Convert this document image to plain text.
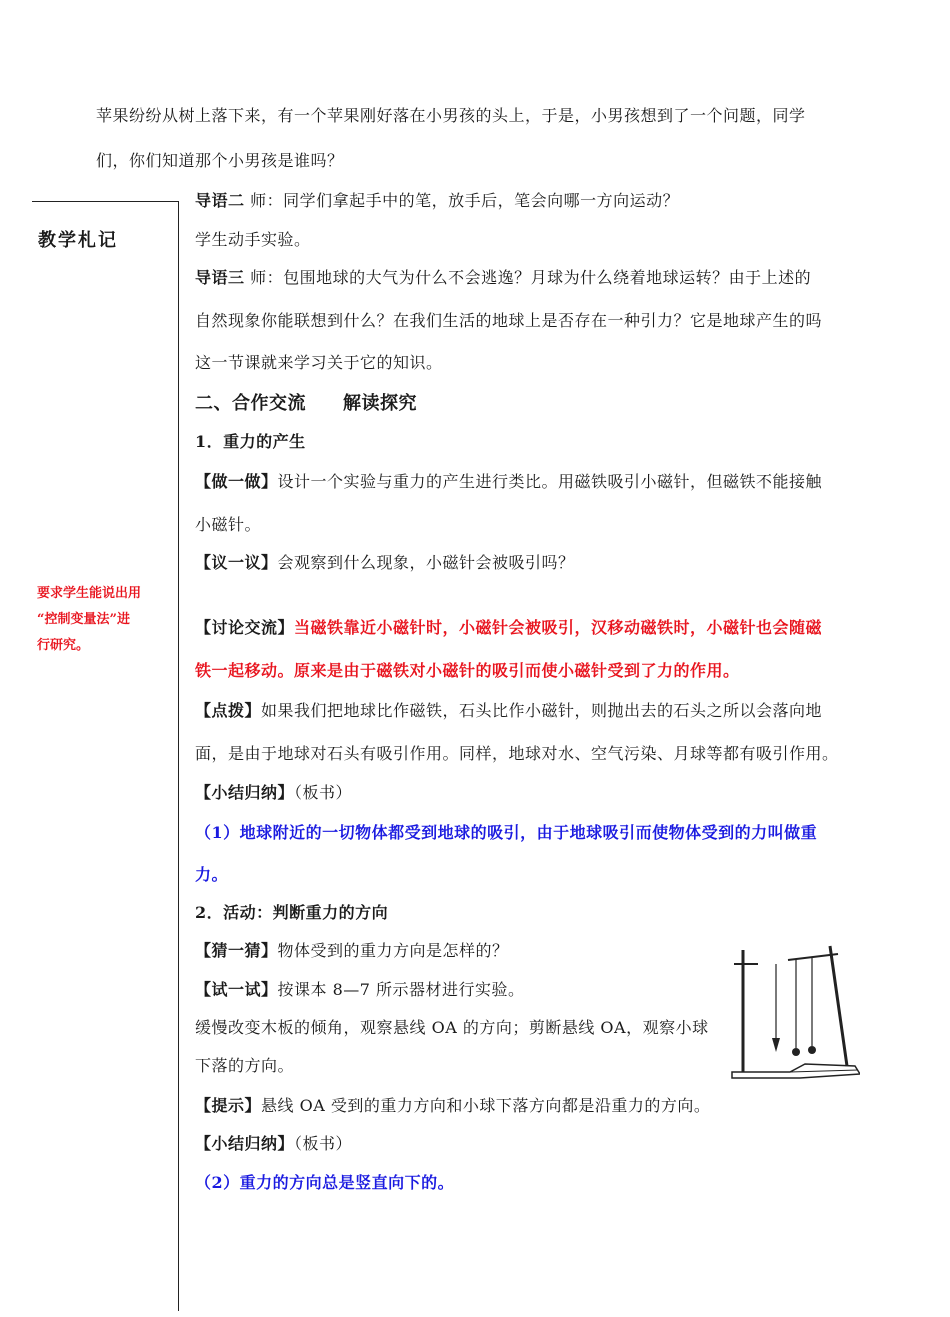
苹果纷纷从树上落下来，有一个苹果刚好落在小男孩的头上，于是，小男孩想到了一个问题，同学
们，你们知道那个小男孩是谁吗？
教学札记
要求学生能说出用
“控制变量法”进
行研究。
导语二 师：同学们拿起手中的笔，放手后，笔会向哪一方向运动？
学生动手实验。
导语三 师：包围地球的大气为什么不会逃逸？月球为什么绕着地球运转？由于上述的
自然现象你能联想到什么？在我们生活的地球上是否存在一种引力？它是地球产生的吗
这一节课就来学习关于它的知识。
二、合作交流　　解读探究
1．重力的产生
【做一做】设计一个实验与重力的产生进行类比。用磁铁吸引小磁针，但磁铁不能接触
小磁针。
【议一议】会观察到什么现象，小磁针会被吸引吗？
【讨论交流】当磁铁靠近小磁针时，小磁针会被吸引，汉移动磁铁时，小磁针也会随磁
铁一起移动。原来是由于磁铁对小磁针的吸引而使小磁针受到了力的作用。
【点拨】如果我们把地球比作磁铁，石头比作小磁针，则抛出去的石头之所以会落向地
面，是由于地球对石头有吸引作用。同样，地球对水、空气污染、月球等都有吸引作用。
【小结归纳】（板书）
（1）地球附近的一切物体都受到地球的吸引，由于地球吸引而使物体受到的力叫做重
力。
2．活动：判断重力的方向
【猜一猜】物体受到的重力方向是怎样的？
【试一试】按课本 8—7 所示器材进行实验。
缓慢改变木板的倾角，观察悬线 OA 的方向；剪断悬线 OA，观察小球
下落的方向。
【提示】悬线 OA 受到的重力方向和小球下落方向都是沿重力的方向。
【小结归纳】（板书）
（2）重力的方向总是竖直向下的。
